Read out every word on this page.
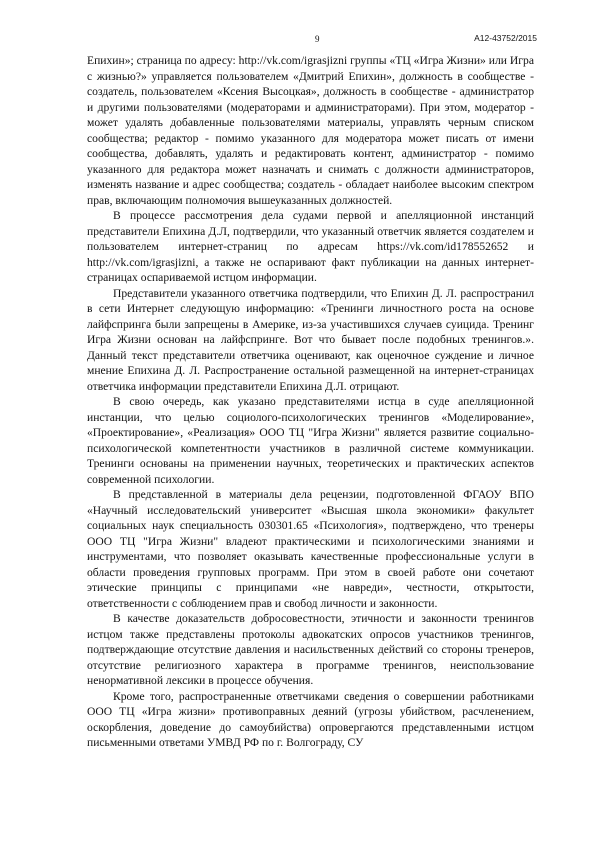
9	А12-43752/2015

Епихин»; страница по адресу: http://vk.com/igrasjizni группы «ТЦ «Игра Жизни» или Игра с жизнью?» управляется пользователем «Дмитрий Епихин», должность в сообществе - создатель, пользователем «Ксения Высоцкая», должность в сообществе - администратор и другими пользователями (модераторами и администраторами). При этом, модератор - может удалять добавленные пользователями материалы, управлять черным списком сообщества; редактор - помимо указанного для модератора может писать от имени сообщества, добавлять, удалять и редактировать контент, администратор - помимо указанного для редактора может назначать и снимать с должности администраторов, изменять название и адрес сообщества; создатель - обладает наиболее высоким спектром прав, включающим полномочия вышеуказанных должностей.

В процессе рассмотрения дела судами первой и апелляционной инстанций представители Епихина Д.Л, подтвердили, что указанный ответчик является создателем и пользователем интернет-страниц по адресам https://vk.com/id178552652 и http://vk.com/igrasjizni, а также не оспаривают факт публикации на данных интернет-страницах оспариваемой истцом информации.

Представители указанного ответчика подтвердили, что Епихин Д. Л. распространил в сети Интернет следующую информацию: «Тренинги личностного роста на основе лайфспринга были запрещены в Америке, из-за участившихся случаев суицида. Тренинг Игра Жизни основан на лайфспринге. Вот что бывает после подобных тренингов.». Данный текст представители ответчика оценивают, как оценочное суждение и личное мнение Епихина Д. Л. Распространение остальной размещенной на интернет-страницах ответчика информации представители Епихина Д.Л. отрицают.

В свою очередь, как указано представителями истца в суде апелляционной инстанции, что целью социолого-психологических тренингов «Моделирование», «Проектирование», «Реализация» ООО ТЦ "Игра Жизни" является развитие социально-психологической компетентности участников в различной системе коммуникации. Тренинги основаны на применении научных, теоретических и практических аспектов современной психологии.

В представленной в материалы дела рецензии, подготовленной ФГАОУ ВПО «Научный исследовательский университет «Высшая школа экономики» факультет социальных наук специальность 030301.65 «Психология», подтверждено, что тренеры ООО ТЦ "Игра Жизни" владеют практическими и психологическими знаниями и инструментами, что позволяет оказывать качественные профессиональные услуги в области проведения групповых программ. При этом в своей работе они сочетают этические принципы с принципами «не навреди», честности, открытости, ответственности с соблюдением прав и свобод личности и законности.

В качестве доказательств добросовестности, этичности и законности тренингов истцом также представлены протоколы адвокатских опросов участников тренингов, подтверждающие отсутствие давления и насильственных действий со стороны тренеров, отсутствие религиозного характера в программе тренингов, неиспользование ненормативной лексики в процессе обучения.

Кроме того, распространенные ответчиками сведения о совершении работниками ООО ТЦ «Игра жизни» противоправных деяний (угрозы убийством, расчленением, оскорбления, доведение до самоубийства) опровергаются представленными истцом письменными ответами УМВД РФ по г. Волгограду, СУ
